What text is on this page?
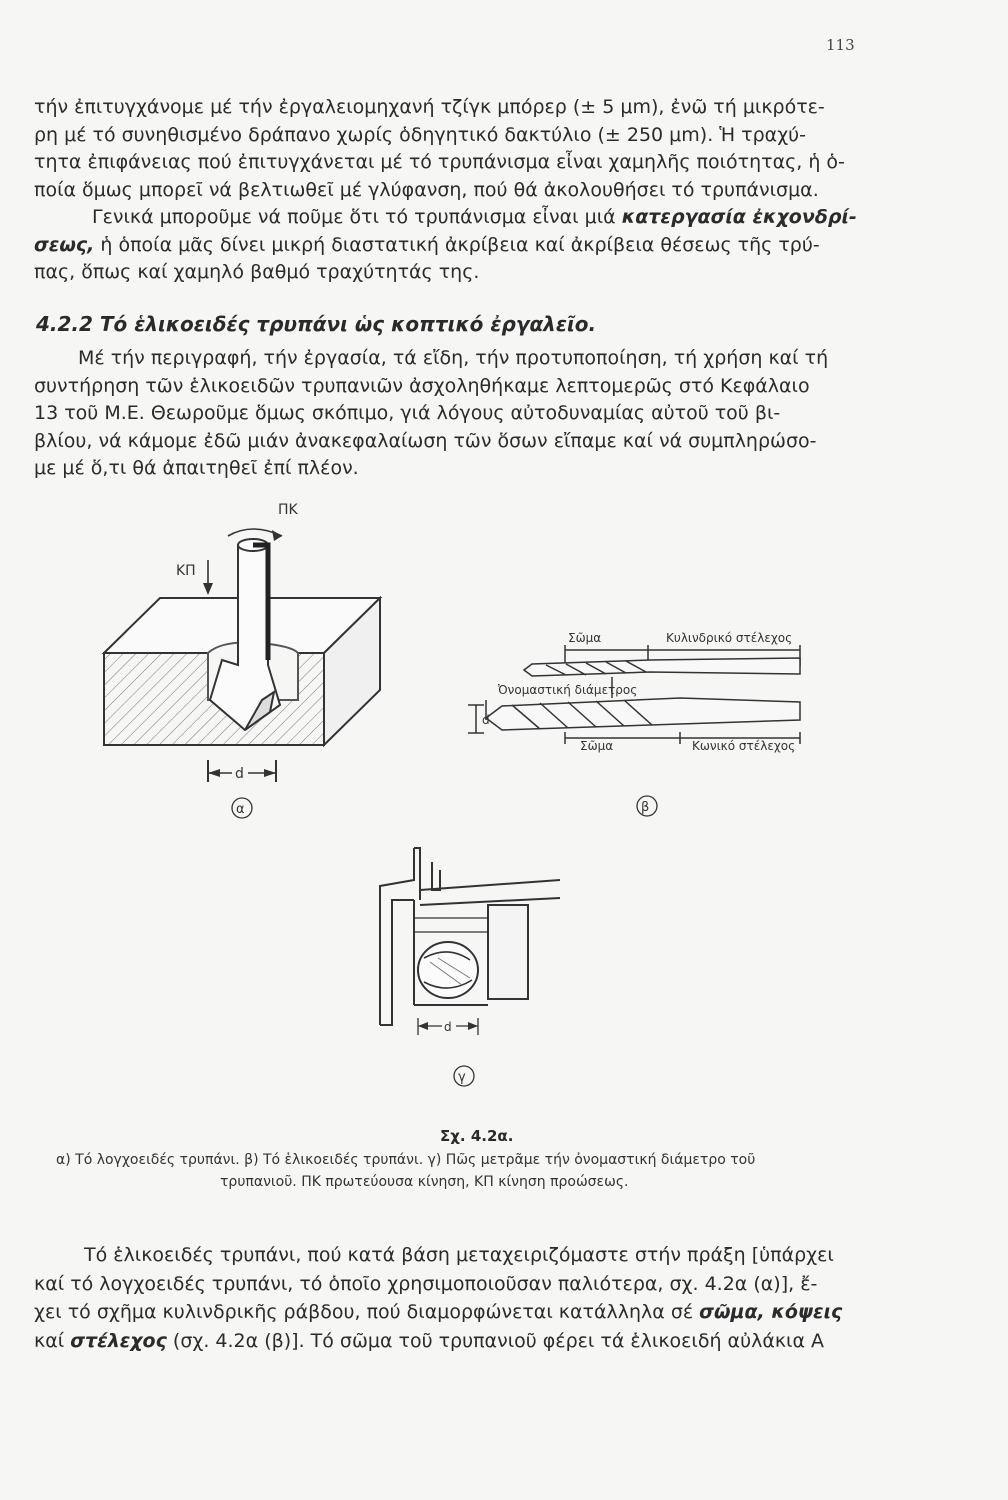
113
τήν ἐπιτυγχάνομε μέ τήν ἐργαλειομηχανή τζίγκ μπόρερ (± 5 μm), ἐνῶ τή μικρότε-
ρη μέ τό συνηθισμένο δράπανο χωρίς ὁδηγητικό δακτύλιο (± 250 μm). Ἡ τραχύ-
τητα ἐπιφάνειας πού ἐπιτυγχάνεται μέ τό τρυπάνισμα εἶναι χαμηλῆς ποιότητας, ἡ ὁ-
ποία ὅμως μπορεῖ νά βελτιωθεῖ μέ γλύφανση, πού θά ἀκολουθήσει τό τρυπάνισμα.
Γενικά μποροῦμε νά ποῦμε ὅτι τό τρυπάνισμα εἶναι μιά κατεργασία ἐκχονδρί-
σεως, ἡ ὁποία μᾶς δίνει μικρή διαστατική ἀκρίβεια καί ἀκρίβεια θέσεως τῆς τρύ-
πας, ὅπως καί χαμηλό βαθμό τραχύτητάς της.
4.2.2 Τό ἑλικοειδές τρυπάνι ὡς κοπτικό ἐργαλεῖο.
Μέ τήν περιγραφή, τήν ἐργασία, τά εἴδη, τήν προτυποποίηση, τή χρήση καί τή
συντήρηση τῶν ἑλικοειδῶν τρυπανιῶν ἀσχοληθήκαμε λεπτομερῶς στό Κεφάλαιο
13 τοῦ Μ.Ε. Θεωροῦμε ὅμως σκόπιμο, γιά λόγους αὐτοδυναμίας αὐτοῦ τοῦ βι-
βλίου, νά κάμομε ἐδῶ μιάν ἀνακεφαλαίωση τῶν ὅσων εἴπαμε καί νά συμπληρώσο-
με μέ ὅ,τι θά ἀπαιτηθεῖ ἐπί πλέον.
ΠΚ
ΚΠ
d
α
Σῶμα	Κυλινδρικό στέλεχος
Ὀνομαστική διάμετρος
d
Σῶμα	Κωνικό στέλεχος
β
d
γ
Σχ. 4.2α.
α) Τό λογχοειδές τρυπάνι. β) Τό ἑλικοειδές τρυπάνι. γ) Πῶς μετρᾶμε τήν ὀνομαστική διάμετρο τοῦ
τρυπανιοῦ. ΠΚ πρωτεύουσα κίνηση, ΚΠ κίνηση προώσεως.
Τό ἑλικοειδές τρυπάνι, πού κατά βάση μεταχειριζόμαστε στήν πράξη [ὑπάρχει
καί τό λογχοειδές τρυπάνι, τό ὁποῖο χρησιμοποιοῦσαν παλιότερα, σχ. 4.2α (α)], ἔ-
χει τό σχῆμα κυλινδρικῆς ράβδου, πού διαμορφώνεται κατάλληλα σέ σῶμα, κόψεις
καί στέλεχος (σχ. 4.2α (β)]. Τό σῶμα τοῦ τρυπανιοῦ φέρει τά ἑλικοειδή αὐλάκια Α
